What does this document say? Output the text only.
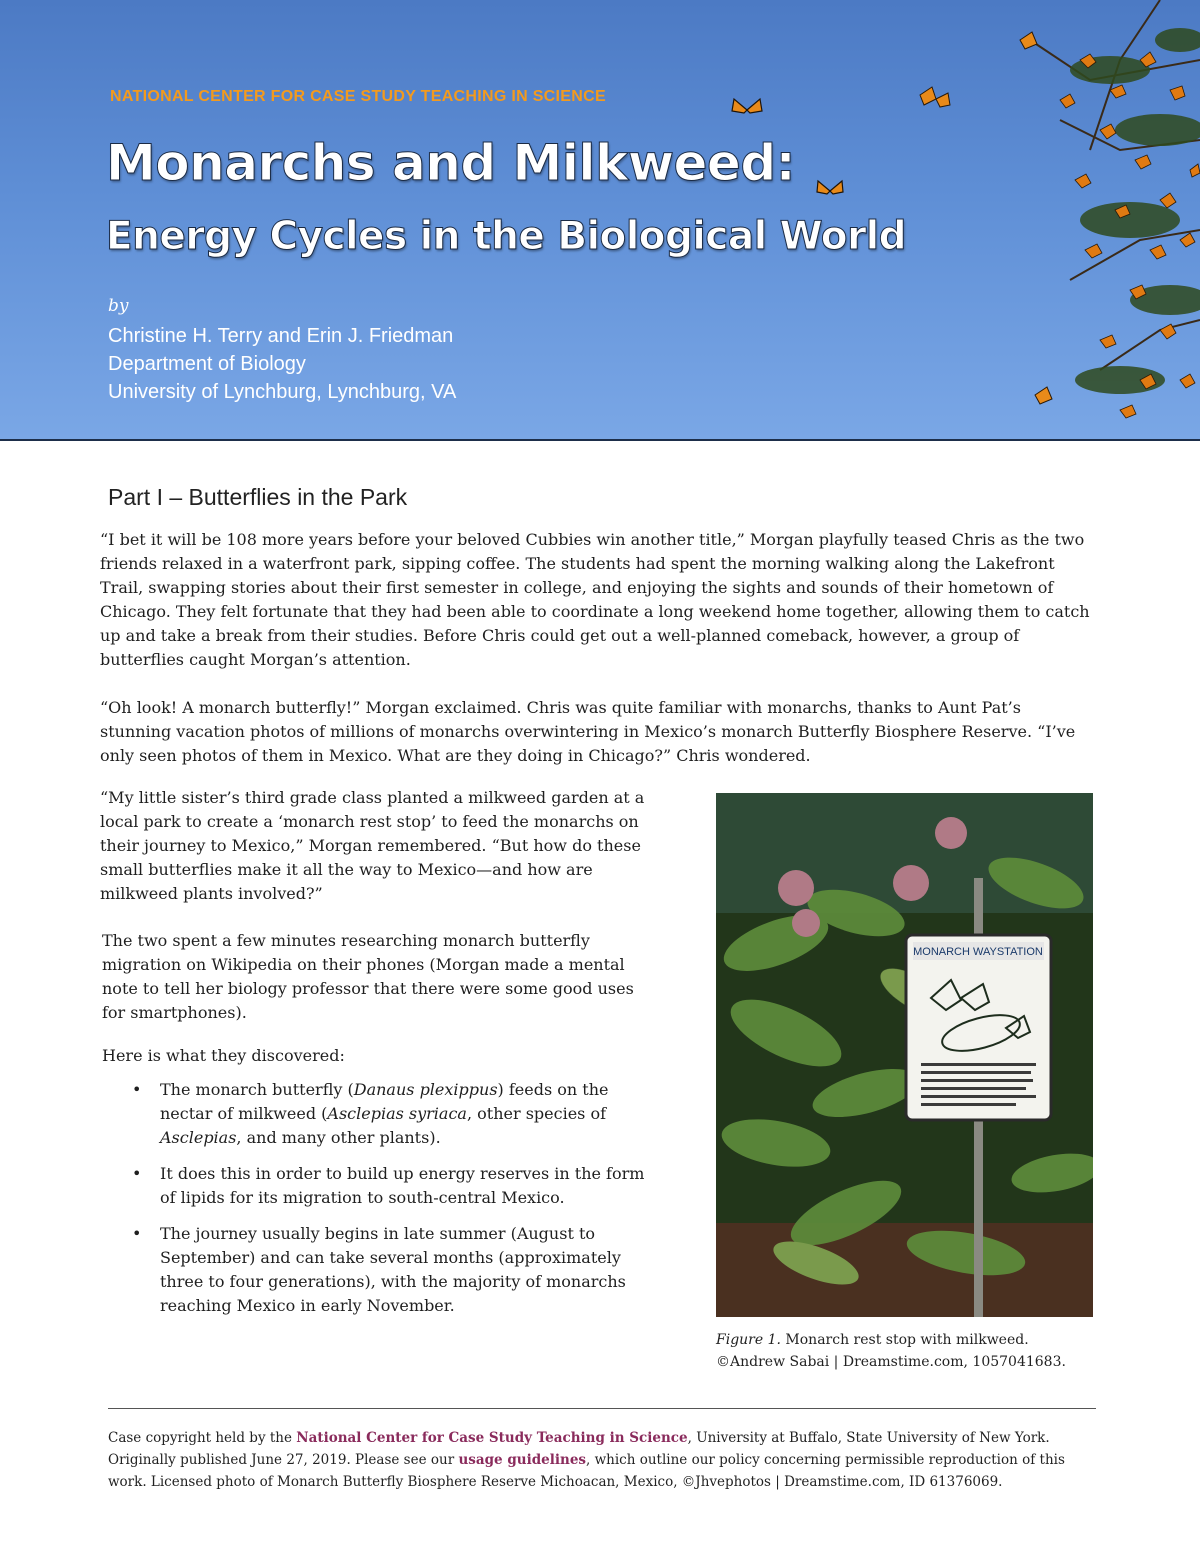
NATIONAL CENTER FOR CASE STUDY TEACHING IN SCIENCE
Monarchs and Milkweed:
Energy Cycles in the Biological World
by
Christine H. Terry and Erin J. Friedman
Department of Biology
University of Lynchburg, Lynchburg, VA
Part I – Butterflies in the Park

“I bet it will be 108 more years before your beloved Cubbies win another title,” Morgan playfully teased Chris as the two friends relaxed in a waterfront park, sipping coffee. The students had spent the morning walking along the Lakefront Trail, swapping stories about their first semester in college, and enjoying the sights and sounds of their hometown of Chicago. They felt fortunate that they had been able to coordinate a long weekend home together, allowing them to catch up and take a break from their studies. Before Chris could get out a well-planned comeback, however, a group of butterflies caught Morgan’s attention.

“Oh look! A monarch butterfly!” Morgan exclaimed. Chris was quite familiar with monarchs, thanks to Aunt Pat’s stunning vacation photos of millions of monarchs overwintering in Mexico’s monarch Butterfly Biosphere Reserve. “I’ve only seen photos of them in Mexico. What are they doing in Chicago?” Chris wondered.

“My little sister’s third grade class planted a milkweed garden at a local park to create a ‘monarch rest stop’ to feed the monarchs on their journey to Mexico,” Morgan remembered. “But how do these small butterflies make it all the way to Mexico—and how are milkweed plants involved?”

The two spent a few minutes researching monarch butterfly migration on Wikipedia on their phones (Morgan made a mental note to tell her biology professor that there were some good uses for smartphones).

Here is what they discovered:

• The monarch butterfly (Danaus plexippus) feeds on the nectar of milkweed (Asclepias syriaca, other species of Asclepias, and many other plants).
• It does this in order to build up energy reserves in the form of lipids for its migration to south-central Mexico.
• The journey usually begins in late summer (August to September) and can take several months (approximately three to four generations), with the majority of monarchs reaching Mexico in early November.
MONARCH WAYSTATION
Figure 1. Monarch rest stop with milkweed. ©Andrew Sabai | Dreamstime.com, 1057041683.
Case copyright held by the National Center for Case Study Teaching in Science, University at Buffalo, State University of New York. Originally published June 27, 2019. Please see our usage guidelines, which outline our policy concerning permissible reproduction of this work. Licensed photo of Monarch Butterfly Biosphere Reserve Michoacan, Mexico, ©Jhvephotos | Dreamstime.com, ID 61376069.
